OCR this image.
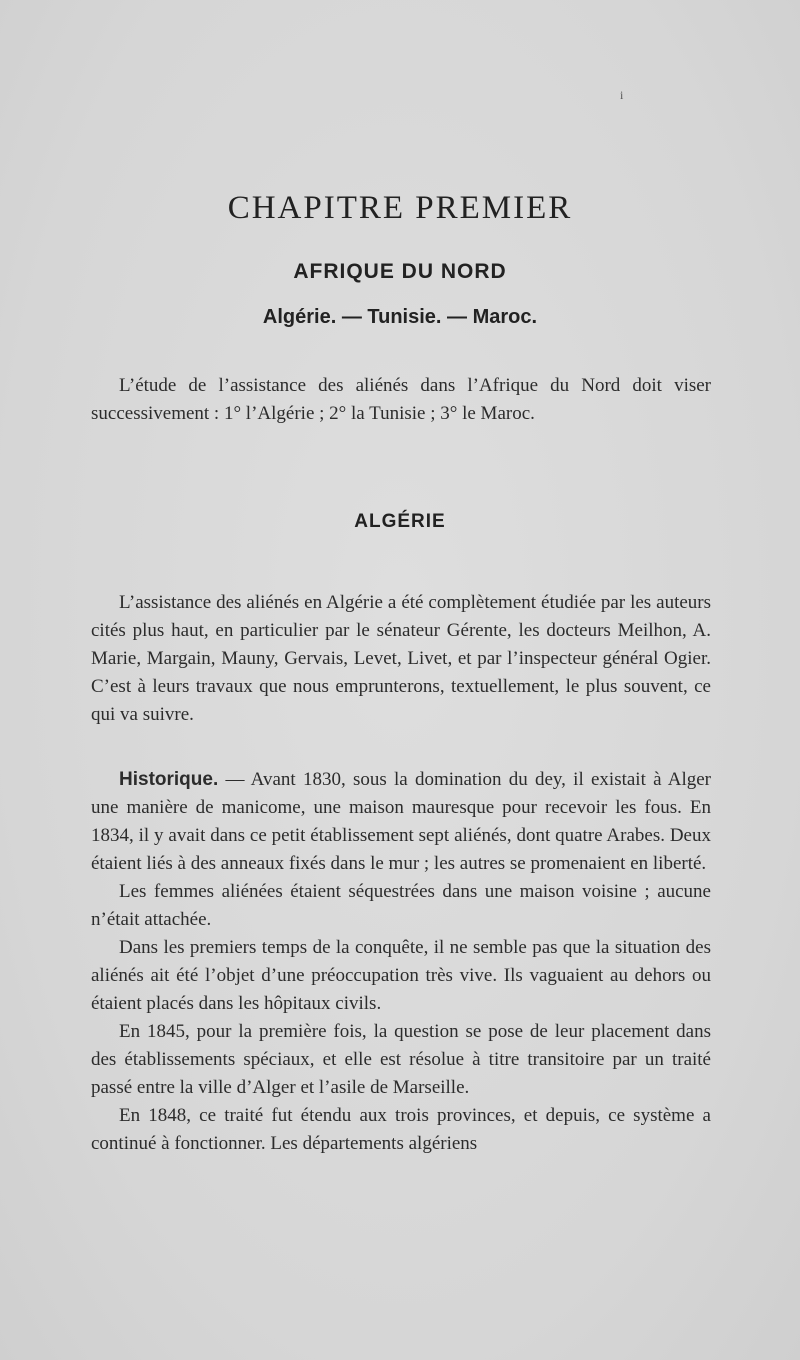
i
CHAPITRE PREMIER
AFRIQUE DU NORD
Algérie. — Tunisie. — Maroc.

L’étude de l’assistance des aliénés dans l’Afrique du Nord doit viser successivement : 1° l’Algérie ; 2° la Tunisie ; 3° le Maroc.

ALGÉRIE

L’assistance des aliénés en Algérie a été complètement étudiée par les auteurs cités plus haut, en particulier par le sénateur Gérente, les docteurs Meilhon, A. Marie, Margain, Mauny, Gervais, Levet, Livet, et par l’inspecteur général Ogier. C’est à leurs travaux que nous emprunterons, textuellement, le plus souvent, ce qui va suivre.

Historique. — Avant 1830, sous la domination du dey, il existait à Alger une manière de manicome, une maison mauresque pour recevoir les fous. En 1834, il y avait dans ce petit établissement sept aliénés, dont quatre Arabes. Deux étaient liés à des anneaux fixés dans le mur ; les autres se promenaient en liberté.

Les femmes aliénées étaient séquestrées dans une maison voisine ; aucune n’était attachée.

Dans les premiers temps de la conquête, il ne semble pas que la situation des aliénés ait été l’objet d’une préoccupation très vive. Ils vaguaient au dehors ou étaient placés dans les hôpitaux civils.

En 1845, pour la première fois, la question se pose de leur placement dans des établissements spéciaux, et elle est résolue à titre transitoire par un traité passé entre la ville d’Alger et l’asile de Marseille.

En 1848, ce traité fut étendu aux trois provinces, et depuis, ce système a continué à fonctionner. Les départements algériens
